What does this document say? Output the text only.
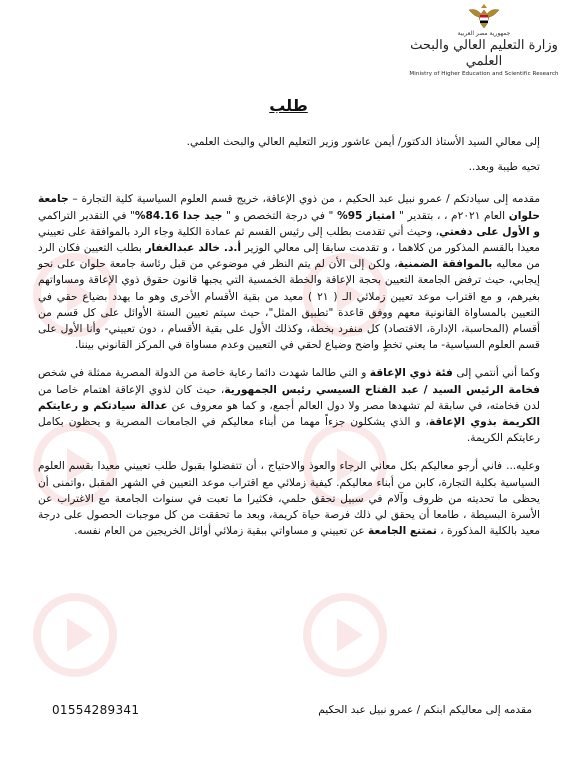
جمهورية مصر العربية
وزارة التعليم العالي والبحث العلمي
Ministry of Higher Education and Scientific Research
طلب

إلى معالي السيد الأستاذ الدكتور/ أيمن عاشور وزير التعليم العالي والبحث العلمي.

تحيه طيبة وبعد..

مقدمه إلى سيادتكم / عمرو نبيل عبد الحكيم ، من ذوي الإعاقة، خريج قسم العلوم السياسية كلية التجارة – جامعة حلوان العام ٢٠٢١م ، ، بتقدير " امتياز 95% " في درجة التخصص و " جيد جدا 84.16%" في التقدير التراكمي و الأول على دفعتي، وحيث أني تقدمت بطلب إلى رئيس القسم ثم عمادة الكلية وجاء الرد بالموافقة على تعييني معيدا بالقسم المذكور من كلاهما ، و تقدمت سابقا إلى معالي الوزير أ.د. خالد عبدالغفار بطلب التعيين فكان الرد من معاليه بالموافقة الضمنية، ولكن إلى الأن لم يتم النظر في موضوعي من قبل رئاسة جامعة حلوان على نحو إيجابي، حيث ترفض الجامعة التعيين بحجة الإعاقة والخطة الخمسية التي يجبها قانون حقوق ذوي الإعاقة ومساواتهم بغيرهم، و مع اقتراب موعد تعيين زملائي الـ ( ٢١ ) معيد من بقية الأقسام الأخرى وهو ما يهدد بضياع حقي في التعيين بالمساواة القانونية معهم ووفق قاعدة "تطبيق المثل"، حيث سيتم تعيين الستة الأوائل على كل قسم من أقسام (المحاسبة، الإدارة، الاقتصاد) كل منفرد بخطة، وكذلك الأول على بقية الأقسام ، دون تعييني- وأنا الأول على قسم العلوم السياسية- ما يعني تخطٍ واضح وضياع لحقي في التعيين وعدم مساواة في المركز القانوني بيننا.

وكما أني أنتمي إلى فئة ذوي الإعاقة و التي طالما شهدت دائما رعاية خاصة من الدولة المصرية ممثلة في شخص فخامة الرئيس السيد / عبد الفتاح السيسي رئيس الجمهورية، حيث كان لذوي الإعاقة اهتمام خاصا من لدن فخامته، في سابقة لم تشهدها مصر ولا دول العالم أجمع، و كما هو معروف عن عدالة سيادتكم و رعايتكم الكريمة بذوي الإعاقة، و الذي يشكلون جزءاً مهما من أبناء معاليكم في الجامعات المصرية و يحظون بكامل رعايتكم الكريمة.

وعليه... فاني أرجو معاليكم بكل معاني الرجاء والعوذ والاحتياج ، أن تتفضلوا بقبول طلب تعييني معيدا بقسم العلوم السياسية بكلية التجارة، كابن من أبناء معاليكم. كيفية زملائي مع اقتراب موعد التعيين في الشهر المقبل ،واتمنى أن يحظى ما تحديته من ظروف وآلام في سبيل تحقق حلمي، فكثيرا ما تعبت في سنوات الجامعة مع الاغتراب عن الأسرة البسيطة ، طامعا أن يحقق لي ذلك فرصة حياة كريمة، وبعد ما تحققت من كل موجبات الحصول على درجة معيد بالكلية المذكورة ، تمتنع الجامعة عن تعييني و مساواتي ببقية زملائي أوائل الخريجين من العام نفسه.

مقدمه إلى معاليكم ابنكم / عمرو نبيل عبد الحكيم
01554289341
